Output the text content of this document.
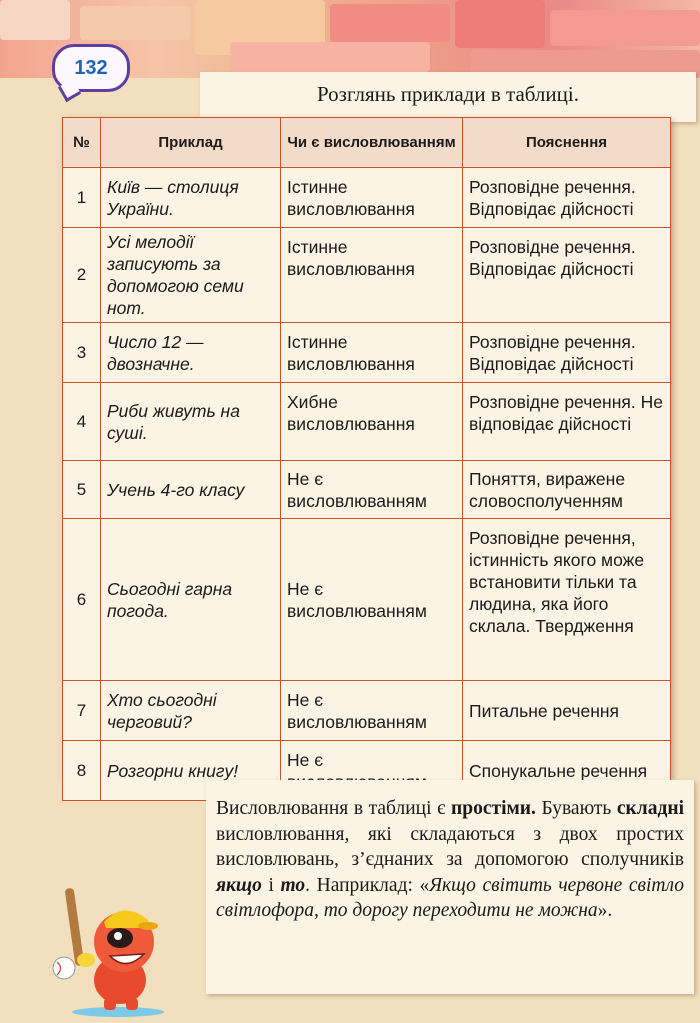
132
Розглянь приклади в таблиці.
№	Приклад	Чи є висловлюванням	Пояснення
1	Київ — столиця України.	Істинне висловлювання	Розповідне речення. Відповідає дійсності
2	Усі мелодії записують за допомогою семи нот.	Істинне висловлювання	Розповідне речення. Відповідає дійсності
3	Число 12 — двозначне.	Істинне висловлювання	Розповідне речення. Відповідає дійсності
4	Риби живуть на суші.	Хибне висловлювання	Розповідне речення. Не відповідає дійсності
5	Учень 4-го класу	Не є висловлюванням	Поняття, виражене словосполученням
6	Сьогодні гарна погода.	Не є висловлюванням	Розповідне речення, істинність якого може встановити тільки та людина, яка його склала. Твердження
7	Хто сьогодні черговий?	Не є висловлюванням	Питальне речення
8	Розгорни книгу!	Не є	Спонукальне речення
Висловлювання в таблиці є простіми. Бувають складні висловлювання, які складаються з двох простих висловлювань, з’єднаних за допомогою сполучників якщо і то. Наприклад: «Якщо світить червоне світло світлофора, то дорогу переходити не можна».
